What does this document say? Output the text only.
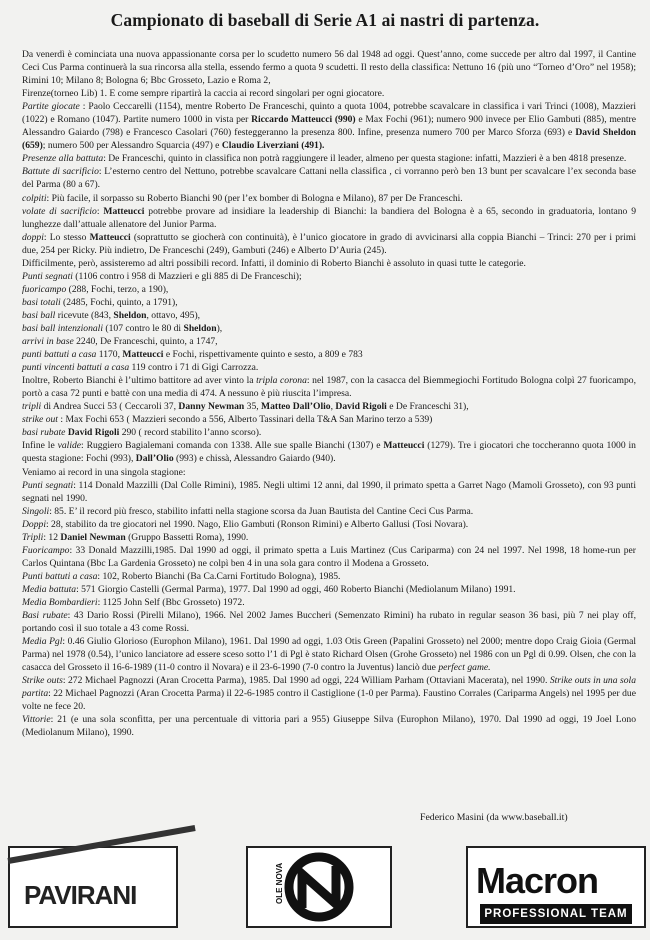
Campionato di baseball di Serie A1 ai nastri di partenza.

Da venerdì è cominciata una nuova appassionante corsa per lo scudetto numero 56 dal 1948 ad oggi. Quest’anno, come succede per altro dal 1997, il Cantine Ceci Cus Parma continuerà la sua rincorsa alla stella, essendo fermo a quota 9 scudetti. Il resto della classifica: Nettuno 16 (più uno “Torneo d’Oro” nel 1958); Rimini 10; Milano 8; Bologna 6; Bbc Grosseto, Lazio e Roma 2,

Firenze(torneo Lib) 1. E come sempre ripartirà la caccia ai record singolari per ogni giocatore.

Partite giocate : Paolo Ceccarelli (1154), mentre Roberto De Franceschi, quinto a quota 1004, potrebbe scavalcare in classifica i vari Trinci (1008), Mazzieri (1022) e Romano (1047). Partite numero 1000 in vista per Riccardo Matteucci (990) e Max Fochi (961); numero 900 invece per Elio Gambuti (885), mentre Alessandro Gaiardo (798) e Francesco Casolari (760) festeggeranno la presenza 800. Infine, presenza numero 700 per Marco Sforza (693) e David Sheldon (659); numero 500 per Alessandro Squarcia (497) e Claudio Liverziani (491).

Presenze alla battuta: De Franceschi, quinto in classifica non potrà raggiungere il leader, almeno per questa stagione: infatti, Mazzieri è a ben 4818 presenze.

Battute di sacrificio: L’esterno centro del Nettuno, potrebbe scavalcare Cattani nella classifica , ci vorranno però ben 13 bunt per scavalcare l’ex seconda base del Parma (80 a 67).

colpiti: Più facile, il sorpasso su Roberto Bianchi 90 (per l’ex bomber di Bologna e Milano), 87 per De Franceschi.

volate di sacrificio: Matteucci potrebbe provare ad insidiare la leadership di Bianchi: la bandiera del Bologna è a 65, secondo in graduatoria, lontano 9 lunghezze dall’attuale allenatore del Junior Parma.

doppi: Lo stesso Matteucci (soprattutto se giocherà con continuità), è l’unico giocatore in grado di avvicinarsi alla coppia Bianchi – Trinci: 270 per i primi due, 254 per Ricky. Più indietro, De Franceschi (249), Gambuti (246) e Alberto D’Auria (245).

Difficilmente, però, assisteremo ad altri possibili record. Infatti, il dominio di Roberto Bianchi è assoluto in quasi tutte le categorie.

Punti segnati (1106 contro i 958 di Mazzieri e gli 885 di De Franceschi);

fuoricampo (288, Fochi, terzo, a 190),

basi totali (2485, Fochi, quinto, a 1791),

basi ball ricevute (843, Sheldon, ottavo, 495),

basi ball intenzionali (107 contro le 80 di Sheldon),

arrivi in base 2240, De Franceschi, quinto, a 1747,

punti battuti a casa 1170, Matteucci e Fochi, rispettivamente quinto e sesto, a 809 e 783

punti vincenti battuti a casa 119 contro i 71 di Gigi Carrozza.

Inoltre, Roberto Bianchi è l’ultimo battitore ad aver vinto la tripla corona: nel 1987, con la casacca del Biemmegiochi Fortitudo Bologna colpì 27 fuoricampo, portò a casa 72 punti e battè con una media di 474. A nessuno è più riuscita l’impresa.

tripli di Andrea Succi 53 ( Ceccaroli 37, Danny Newman 35, Matteo Dall’Olio, David Rigoli e De Franceschi 31),

strike out : Max Fochi 653 ( Mazzieri secondo a 556, Alberto Tassinari della T&A San Marino terzo a 539)

basi rubate David Rigoli 290 ( record stabilito l’anno scorso).

Infine le valide: Ruggiero Bagialemani comanda con 1338. Alle sue spalle Bianchi (1307) e Matteucci (1279). Tre i giocatori che toccheranno quota 1000 in questa stagione: Fochi (993), Dall’Olio (993) e chissà, Alessandro Gaiardo (940).

Veniamo ai record in una singola stagione:

Punti segnati: 114 Donald Mazzilli (Dal Colle Rimini), 1985. Negli ultimi 12 anni, dal 1990, il primato spetta a Garret Nago (Mamoli Grosseto), con 93 punti segnati nel 1990.

Singoli: 85. E’ il record più fresco, stabilito infatti nella stagione scorsa da Juan Bautista del Cantine Ceci Cus Parma.

Doppi: 28, stabilito da tre giocatori nel 1990. Nago, Elio Gambuti (Ronson Rimini) e Alberto Gallusi (Tosi Novara).

Tripli: 12 Daniel Newman (Gruppo Bassetti Roma), 1990.

Fuoricampo: 33 Donald Mazzilli,1985. Dal 1990 ad oggi, il primato spetta a Luis Martinez (Cus Cariparma) con 24 nel 1997. Nel 1998, 18 home-run per Carlos Quintana (Bbc La Gardenia Grosseto) ne colpì ben 4 in una sola gara contro il Modena a Grosseto.

Punti battuti a casa: 102, Roberto Bianchi (Ba Ca.Carni Fortitudo Bologna), 1985.

Media battuta: 571 Giorgio Castelli (Germal Parma), 1977. Dal 1990 ad oggi, 460 Roberto Bianchi (Mediolanum Milano) 1991.

Media Bombardieri: 1125 John Self (Bbc Grosseto) 1972.

Basi rubate: 43 Dario Rossi (Pirelli Milano), 1966. Nel 2002 James Buccheri (Semenzato Rimini) ha rubato in regular season 36 basi, più 7 nei play off, portando così il suo totale a 43 come Rossi.

Media Pgl: 0.46 Giulio Glorioso (Europhon Milano), 1961. Dal 1990 ad oggi, 1.03 Otis Green (Papalini Grosseto) nel 2000; mentre dopo Craig Gioia (Germal Parma) nel 1978 (0.54), l’unico lanciatore ad essere sceso sotto l’1 di Pgl è stato Richard Olsen (Grohe Grosseto) nel 1986 con un Pgl di 0.99. Olsen, che con la casacca del Grosseto il 16-6-1989 (11-0 contro il Novara) e il 23-6-1990 (7-0 contro la Juventus) lanciò due perfect game.

Strike outs: 272 Michael Pagnozzi (Aran Crocetta Parma), 1985. Dal 1990 ad oggi, 224 William Parham (Ottaviani Macerata), nel 1990. Strike outs in una sola partita: 22 Michael Pagnozzi (Aran Crocetta Parma) il 22-6-1985 contro il Castiglione (1-0 per Parma). Faustino Corrales (Cariparma Angels) nel 1995 per due volte ne fece 20.

Vittorie: 21 (e una sola sconfitta, per una percentuale di vittoria pari a 955) Giuseppe Silva (Europhon Milano), 1970. Dal 1990 ad oggi, 19 Joel Lono (Mediolanum Milano), 1990.

Federico Masini (da www.baseball.it)
PAVIRANI	OLE NOVA	Macron
PROFESSIONAL TEAM
